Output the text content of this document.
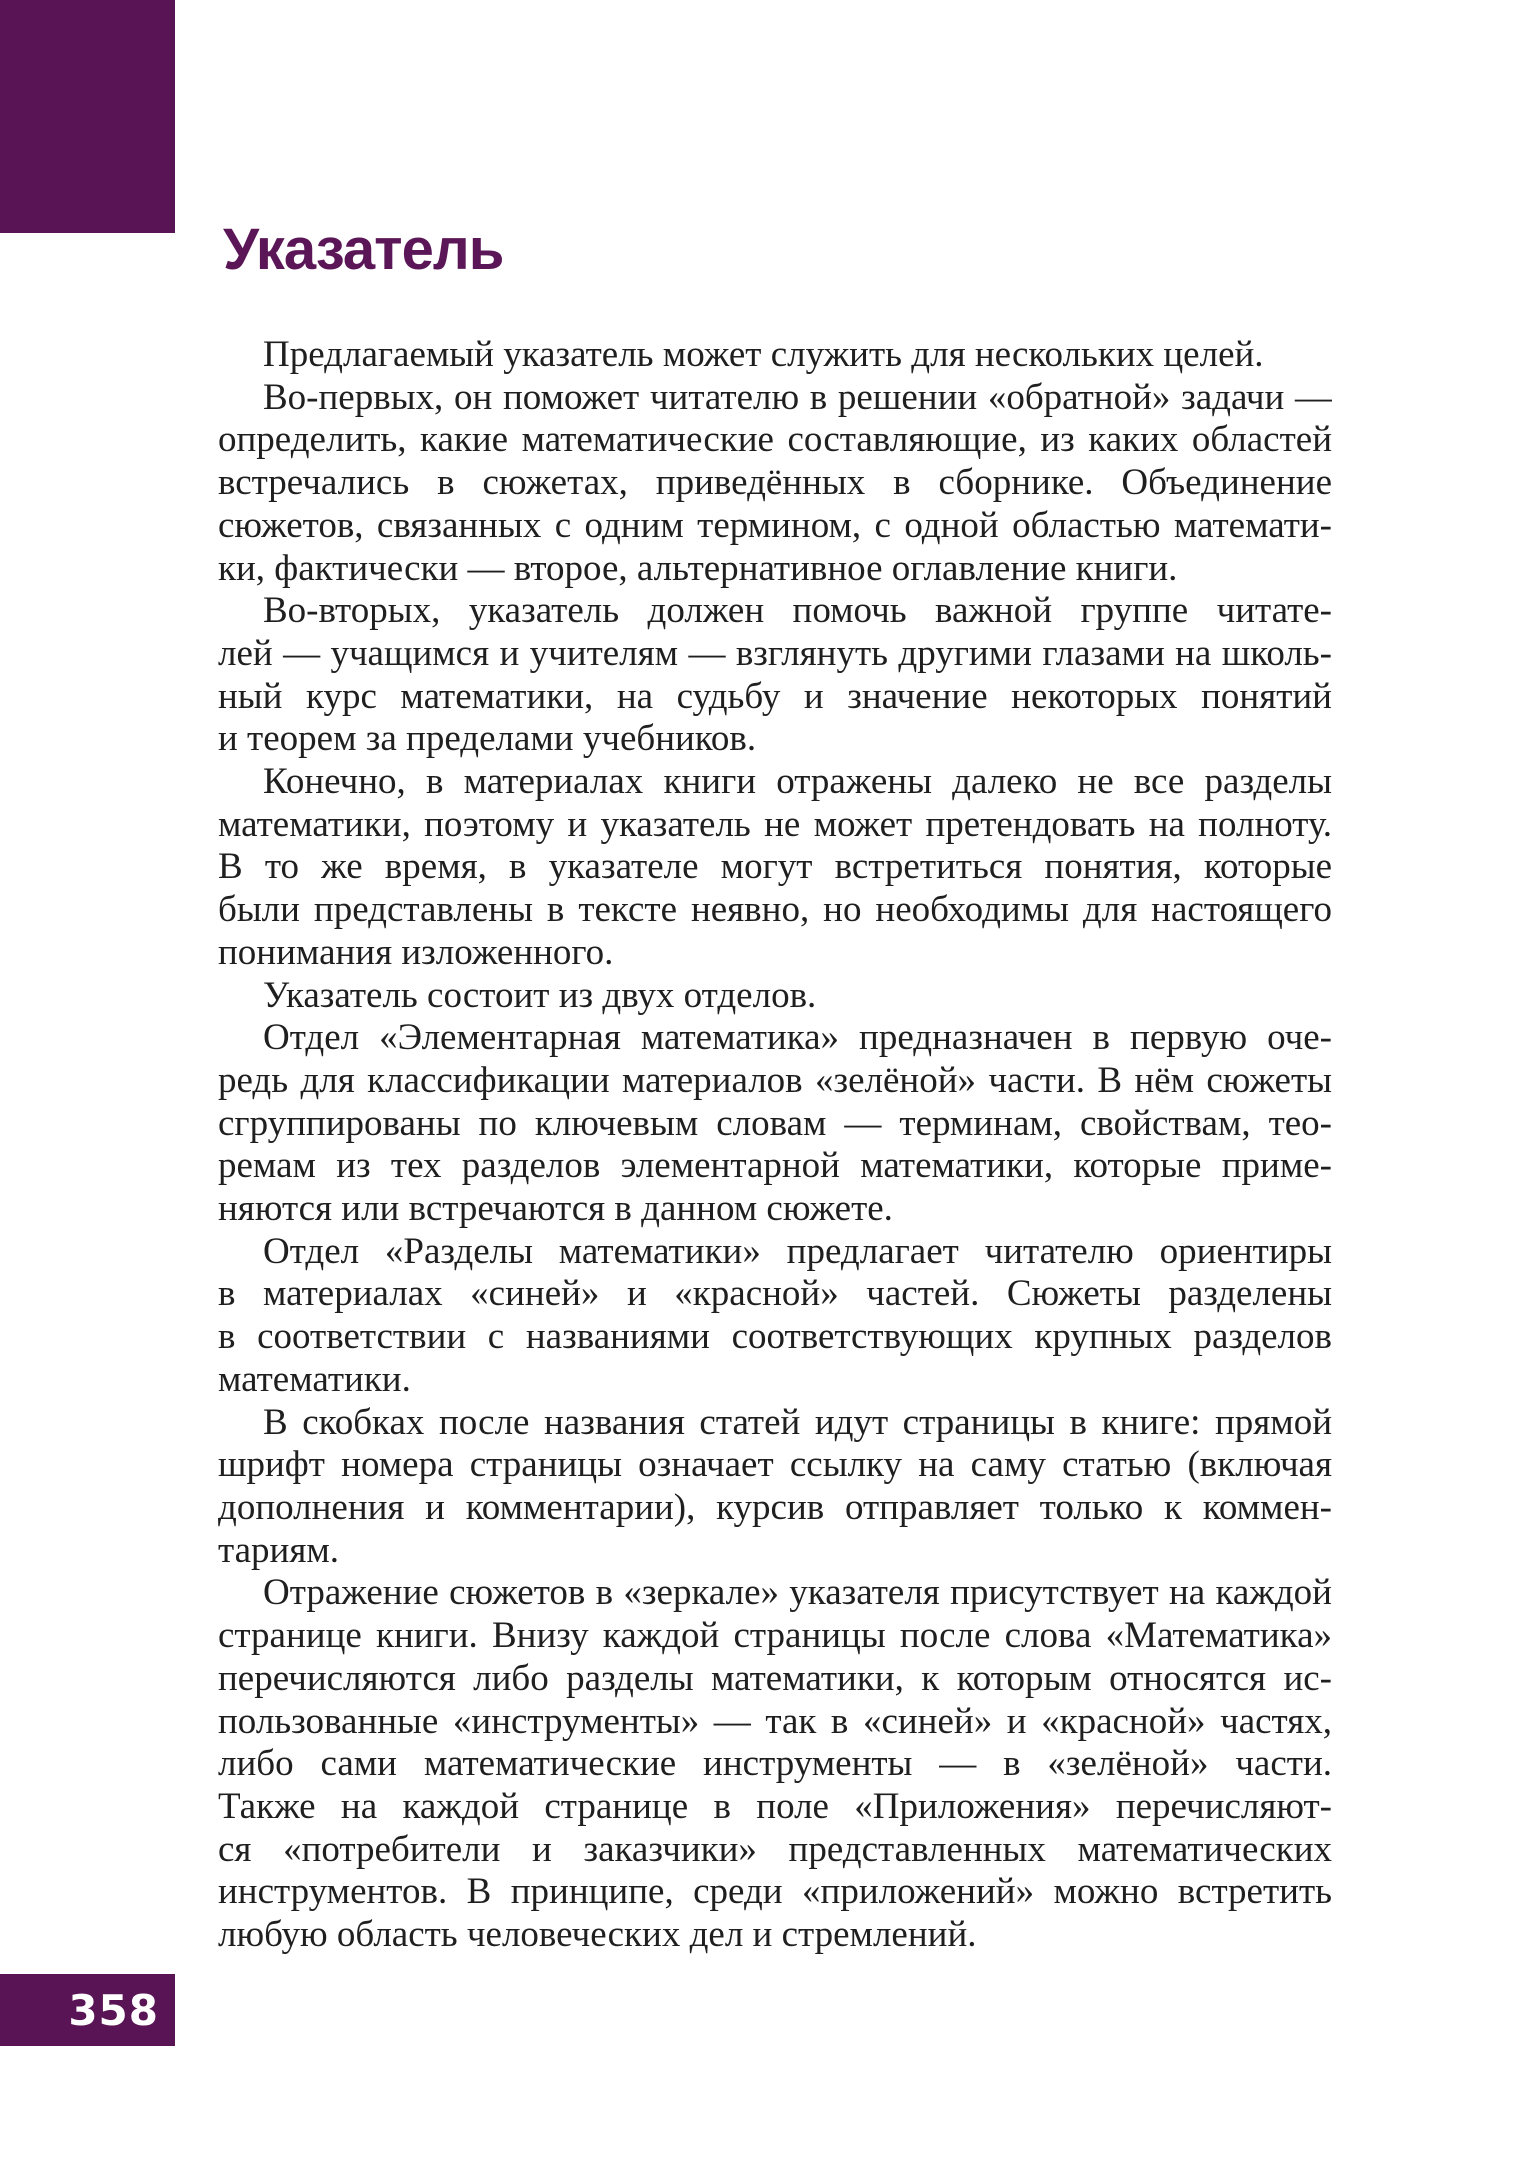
Указатель

Предлагаемый указатель может служить для нескольких целей.

Во-первых, он поможет читателю в решении «обратной» задачи —
определить, какие математические составляющие, из каких областей
встречались в сюжетах, приведённых в сборнике. Объединение
сюжетов, связанных с одним термином, с одной областью математи-
ки, фактически — второе, альтернативное оглавление книги.

Во-вторых, указатель должен помочь важной группе читате-
лей — учащимся и учителям — взглянуть другими глазами на школь-
ный курс математики, на судьбу и значение некоторых понятий
и теорем за пределами учебников.

Конечно, в материалах книги отражены далеко не все разделы
математики, поэтому и указатель не может претендовать на полноту.
В то же время, в указателе могут встретиться понятия, которые
были представлены в тексте неявно, но необходимы для настоящего
понимания изложенного.

Указатель состоит из двух отделов.

Отдел «Элементарная математика» предназначен в первую оче-
редь для классификации материалов «зелёной» части. В нём сюжеты
сгруппированы по ключевым словам — терминам, свойствам, тео-
ремам из тех разделов элементарной математики, которые приме-
няются или встречаются в данном сюжете.

Отдел «Разделы математики» предлагает читателю ориентиры
в материалах «синей» и «красной» частей. Сюжеты разделены
в соответствии с названиями соответствующих крупных разделов
математики.

В скобках после названия статей идут страницы в книге: прямой
шрифт номера страницы означает ссылку на саму статью (включая
дополнения и комментарии), курсив отправляет только к коммен-
тариям.

Отражение сюжетов в «зеркале» указателя присутствует на каждой
странице книги. Внизу каждой страницы после слова «Математика»
перечисляются либо разделы математики, к которым относятся ис-
пользованные «инструменты» — так в «синей» и «красной» частях,
либо сами математические инструменты — в «зелёной» части.
Также на каждой странице в поле «Приложения» перечисляют-
ся «потребители и заказчики» представленных математических
инструментов. В принципе, среди «приложений» можно встретить
любую область человеческих дел и стремлений.

358
